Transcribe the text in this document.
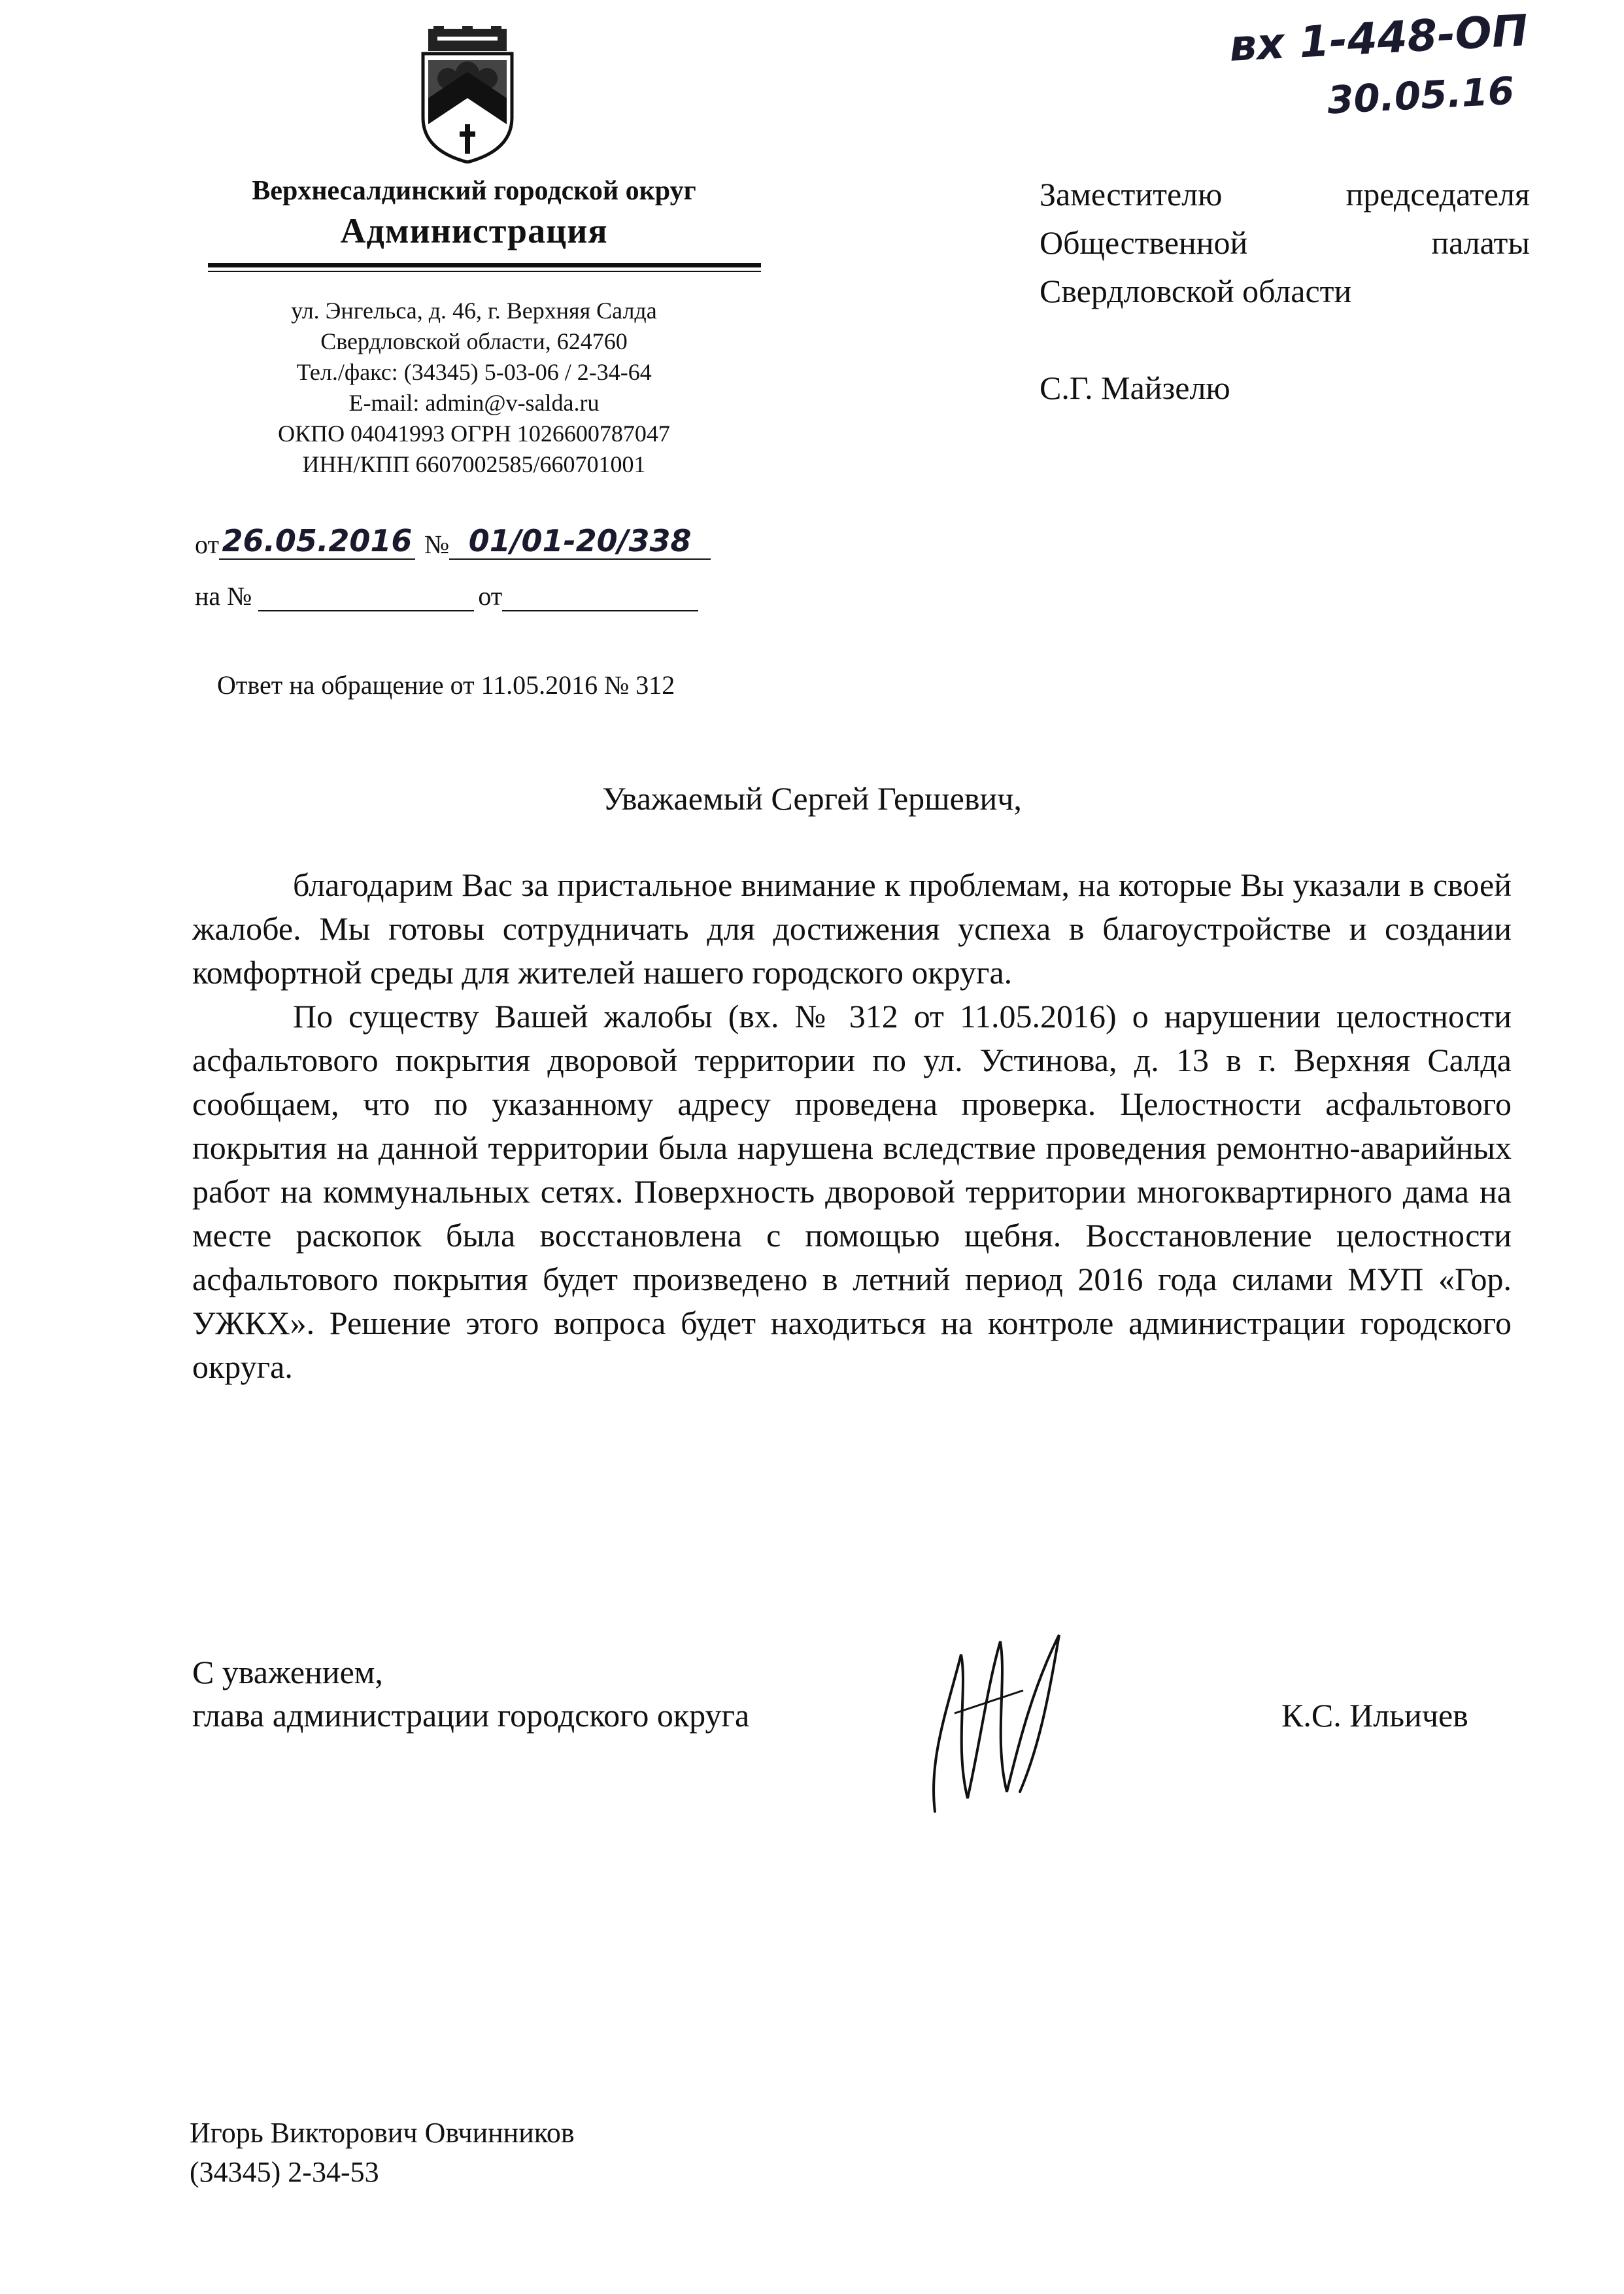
вх 1-448-ОП
30.05.16
Верхнесалдинский городской округ
Администрация
ул. Энгельса, д. 46, г. Верхняя Салда
Свердловской области, 624760
Тел./факс: (34345) 5-03-06 / 2-34-64
E-mail: admin@v-salda.ru
ОКПО 04041993 ОГРН 1026600787047
ИНН/КПП 6607002585/660701001
от 26.05.2016 № 01/01-20/338
на №	от
Ответ на обращение от 11.05.2016 № 312
Заместителю	председателя
Общественной	палаты
Свердловской области
С.Г. Майзелю
Уважаемый Сергей Гершевич,

благодарим Вас за пристальное внимание к проблемам, на которые Вы указали в своей жалобе. Мы готовы сотрудничать для достижения успеха в благоустройстве и создании комфортной среды для жителей нашего городского округа.

По существу Вашей жалобы (вх. № 312 от 11.05.2016) о нарушении целостности асфальтового покрытия дворовой территории по ул. Устинова, д. 13 в г. Верхняя Салда сообщаем, что по указанному адресу проведена проверка. Целостности асфальтового покрытия на данной территории была нарушена вследствие проведения ремонтно-аварийных работ на коммунальных сетях. Поверхность дворовой территории многоквартирного дама на месте раскопок была восстановлена с помощью щебня. Восстановление целостности асфальтового покрытия будет произведено в летний период 2016 года силами МУП «Гор. УЖКХ». Решение этого вопроса будет находиться на контроле администрации городского округа.

С уважением,
глава администрации городского округа	К.С. Ильичев
Игорь Викторович Овчинников
(34345) 2-34-53
